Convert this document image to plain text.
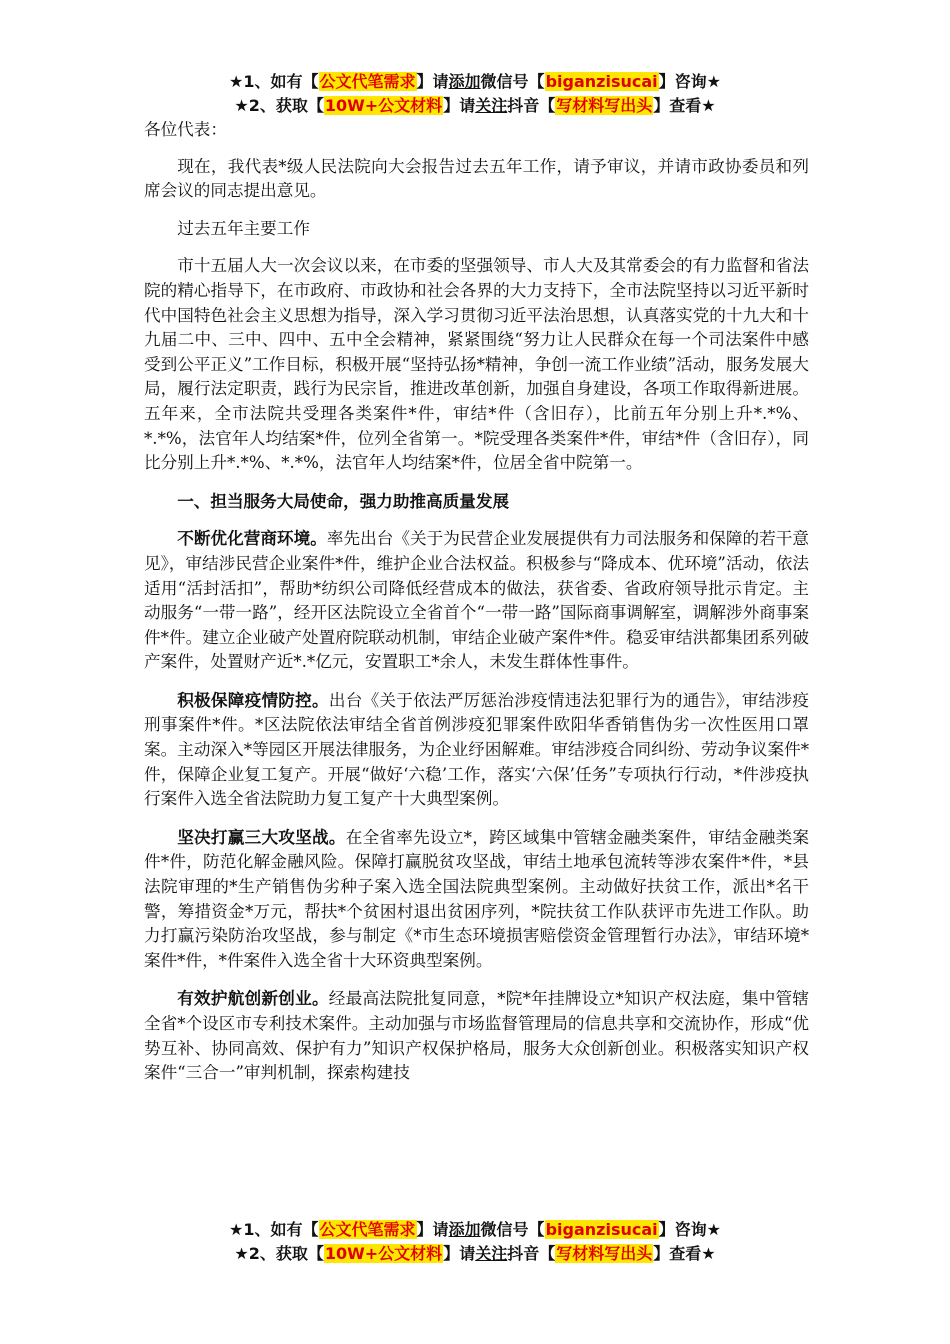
★1、如有【公文代笔需求】请添加微信号【biganzisucai】咨询★
★2、获取【10W+公文材料】请关注抖音【写材料写出头】查看★

各位代表：

现在，我代表*级人民法院向大会报告过去五年工作，请予审议，并请市政协委员和列席会议的同志提出意见。

过去五年主要工作

市十五届人大一次会议以来，在市委的坚强领导、市人大及其常委会的有力监督和省法院的精心指导下，在市政府、市政协和社会各界的大力支持下，全市法院坚持以习近平新时代中国特色社会主义思想为指导，深入学习贯彻习近平法治思想，认真落实党的十九大和十九届二中、三中、四中、五中全会精神，紧紧围绕“努力让人民群众在每一个司法案件中感受到公平正义”工作目标，积极开展“坚持弘扬*精神，争创一流工作业绩”活动，服务发展大局，履行法定职责，践行为民宗旨，推进改革创新，加强自身建设，各项工作取得新进展。五年来，全市法院共受理各类案件*件，审结*件（含旧存），比前五年分别上升*.*%、*.*%，法官年人均结案*件，位列全省第一。*院受理各类案件*件，审结*件（含旧存），同比分别上升*.*%、*.*%，法官年人均结案*件，位居全省中院第一。

一、担当服务大局使命，强力助推高质量发展

不断优化营商环境。率先出台《关于为民营企业发展提供有力司法服务和保障的若干意见》，审结涉民营企业案件*件，维护企业合法权益。积极参与“降成本、优环境”活动，依法适用“活封活扣”，帮助*纺织公司降低经营成本的做法，获省委、省政府领导批示肯定。主动服务“一带一路”，经开区法院设立全省首个“一带一路”国际商事调解室，调解涉外商事案件*件。建立企业破产处置府院联动机制，审结企业破产案件*件。稳妥审结洪都集团系列破产案件，处置财产近*.*亿元，安置职工*余人，未发生群体性事件。

积极保障疫情防控。出台《关于依法严厉惩治涉疫情违法犯罪行为的通告》，审结涉疫刑事案件*件。*区法院依法审结全省首例涉疫犯罪案件欧阳华香销售伪劣一次性医用口罩案。主动深入*等园区开展法律服务，为企业纾困解难。审结涉疫合同纠纷、劳动争议案件*件，保障企业复工复产。开展“做好‘六稳’工作，落实‘六保’任务”专项执行行动，*件涉疫执行案件入选全省法院助力复工复产十大典型案例。

坚决打赢三大攻坚战。在全省率先设立*，跨区域集中管辖金融类案件，审结金融类案件*件，防范化解金融风险。保障打赢脱贫攻坚战，审结土地承包流转等涉农案件*件，*县法院审理的*生产销售伪劣种子案入选全国法院典型案例。主动做好扶贫工作，派出*名干警，筹措资金*万元，帮扶*个贫困村退出贫困序列，*院扶贫工作队获评市先进工作队。助力打赢污染防治攻坚战，参与制定《*市生态环境损害赔偿资金管理暂行办法》，审结环境*案件*件，*件案件入选全省十大环资典型案例。

有效护航创新创业。经最高法院批复同意，*院*年挂牌设立*知识产权法庭，集中管辖全省*个设区市专利技术案件。主动加强与市场监督管理局的信息共享和交流协作，形成“优势互补、协同高效、保护有力”知识产权保护格局，服务大众创新创业。积极落实知识产权案件“三合一”审判机制，探索构建技

★1、如有【公文代笔需求】请添加微信号【biganzisucai】咨询★
★2、获取【10W+公文材料】请关注抖音【写材料写出头】查看★
